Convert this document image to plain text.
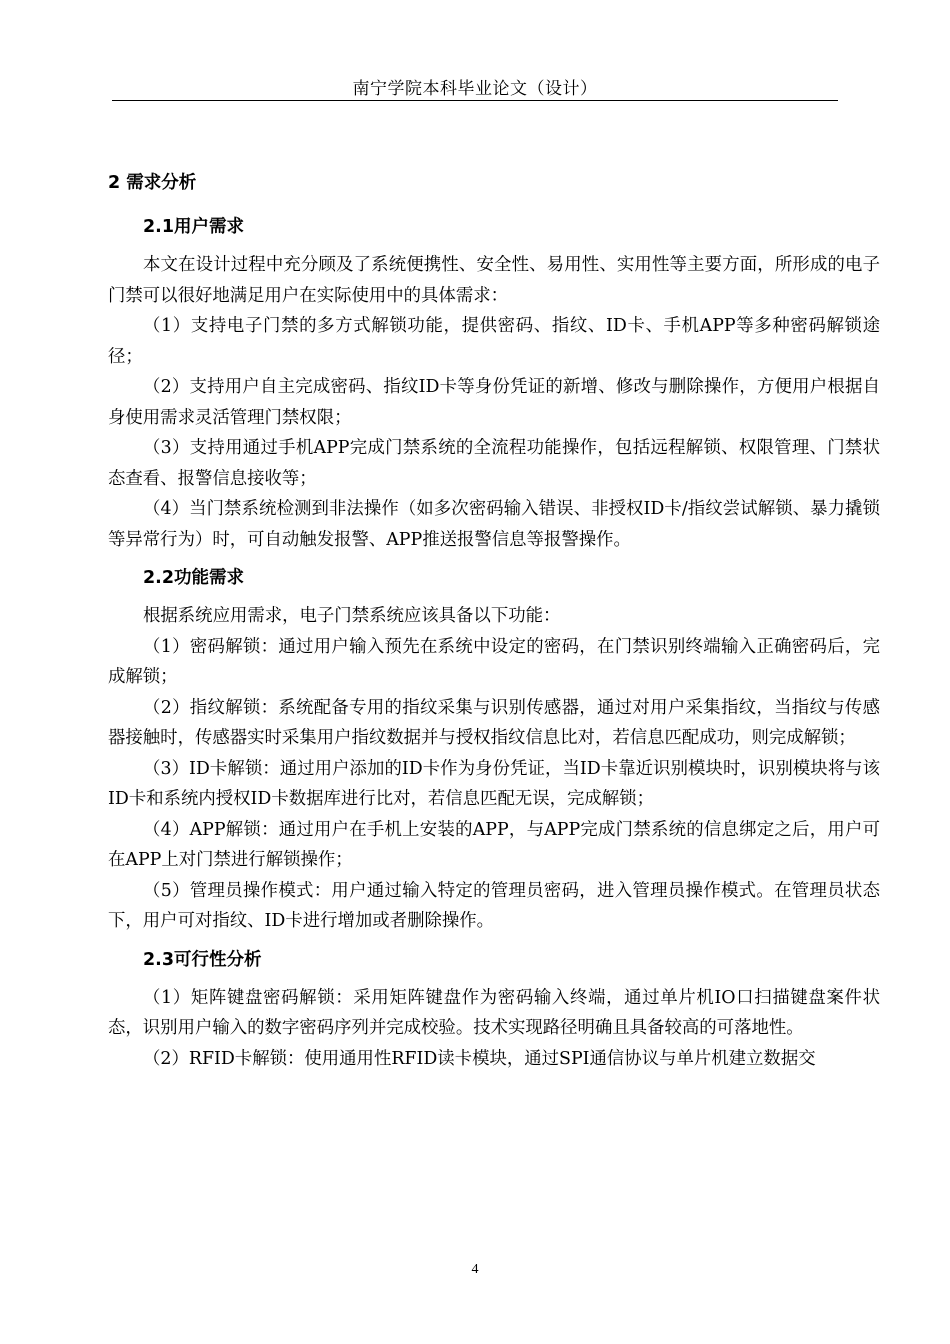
南宁学院本科毕业论文（设计）
2 需求分析
2.1用户需求

本文在设计过程中充分顾及了系统便携性、安全性、易用性、实用性等主要方面，所形成的电子门禁可以很好地满足用户在实际使用中的具体需求：

（1）支持电子门禁的多方式解锁功能，提供密码、指纹、ID卡、手机APP等多种密码解锁途径；

（2）支持用户自主完成密码、指纹ID卡等身份凭证的新增、修改与删除操作，方便用户根据自身使用需求灵活管理门禁权限；

（3）支持用通过手机APP完成门禁系统的全流程功能操作，包括远程解锁、权限管理、门禁状态查看、报警信息接收等；

（4）当门禁系统检测到非法操作（如多次密码输入错误、非授权ID卡/指纹尝试解锁、暴力撬锁等异常行为）时，可自动触发报警、APP推送报警信息等报警操作。

2.2功能需求

根据系统应用需求，电子门禁系统应该具备以下功能：

（1）密码解锁：通过用户输入预先在系统中设定的密码，在门禁识别终端输入正确密码后，完成解锁；

（2）指纹解锁：系统配备专用的指纹采集与识别传感器，通过对用户采集指纹，当指纹与传感器接触时，传感器实时采集用户指纹数据并与授权指纹信息比对，若信息匹配成功，则完成解锁；

（3）ID卡解锁：通过用户添加的ID卡作为身份凭证，当ID卡靠近识别模块时，识别模块将与该ID卡和系统内授权ID卡数据库进行比对，若信息匹配无误，完成解锁；

（4）APP解锁：通过用户在手机上安装的APP，与APP完成门禁系统的信息绑定之后，用户可在APP上对门禁进行解锁操作；

（5）管理员操作模式：用户通过输入特定的管理员密码，进入管理员操作模式。在管理员状态下，用户可对指纹、ID卡进行增加或者删除操作。

2.3可行性分析

（1）矩阵键盘密码解锁：采用矩阵键盘作为密码输入终端，通过单片机IO口扫描键盘案件状态，识别用户输入的数字密码序列并完成校验。技术实现路径明确且具备较高的可落地性。

（2）RFID卡解锁：使用通用性RFID读卡模块，通过SPI通信协议与单片机建立数据交

4
